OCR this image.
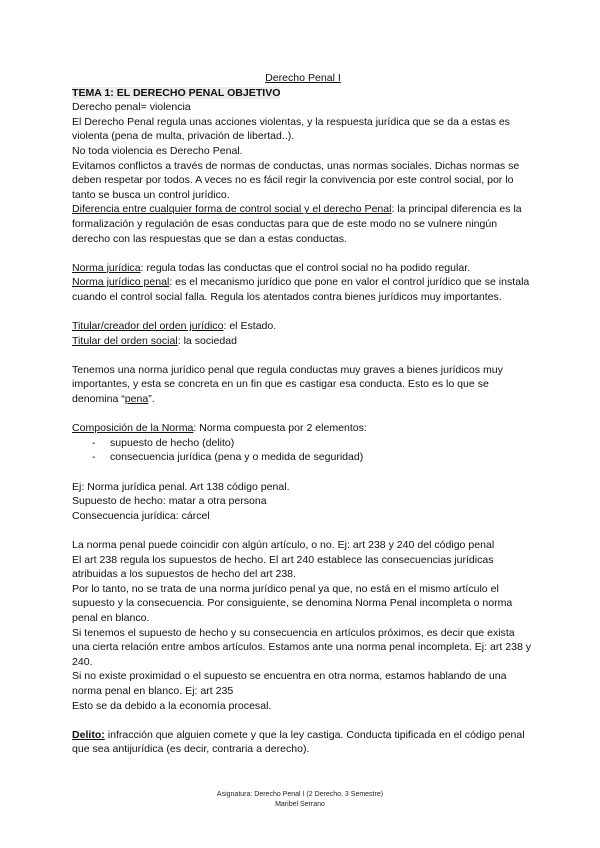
Derecho Penal I

TEMA 1: EL DERECHO PENAL OBJETIVO

Derecho penal= violencia

El Derecho Penal regula unas acciones violentas, y la respuesta jurídica que se da a estas es violenta (pena de multa, privación de libertad..).

No toda violencia es Derecho Penal.

Evitamos conflictos a través de normas de conductas, unas normas sociales. Dichas normas se deben respetar por todos. A veces no es fácil regir la convivencia por este control social, por lo tanto se busca un control jurídico.

Diferencia entre cualquier forma de control social y el derecho Penal: la principal diferencia es la formalización y regulación de esas conductas para que de este modo no se vulnere ningún derecho con las respuestas que se dan a estas conductas.

Norma jurídica: regula todas las conductas que el control social no ha podido regular.

Norma jurídico penal: es el mecanismo jurídico que pone en valor el control jurídico que se instala cuando el control social falla. Regula los atentados contra bienes jurídicos muy importantes.

Titular/creador del orden jurídico: el Estado.

Titular del orden social: la sociedad

Tenemos una norma jurídico penal que regula conductas muy graves a bienes jurídicos muy importantes, y esta se concreta en un fin que es castigar esa conducta. Esto es lo que se denomina “pena”.

Composición de la Norma: Norma compuesta por 2 elementos:

- supuesto de hecho (delito)
- consecuencia jurídica (pena y o medida de seguridad)

Ej: Norma jurídica penal. Art 138 código penal.

Supuesto de hecho: matar a otra persona

Consecuencia jurídica: cárcel

La norma penal puede coincidir con algún artículo, o no. Ej: art 238 y 240 del código penal

El art 238 regula los supuestos de hecho. El art 240 establece las consecuencias jurídicas atribuidas a los supuestos de hecho del art 238.

Por lo tanto, no se trata de una norma jurídico penal ya que, no está en el mismo artículo el supuesto y la consecuencia. Por consiguiente, se denomina Norma Penal incompleta o norma penal en blanco.

Si tenemos el supuesto de hecho y su consecuencia en artículos próximos, es decir que exista una cierta relación entre ambos artículos. Estamos ante una norma penal incompleta. Ej: art 238 y 240.

Si no existe proximidad o el supuesto se encuentra en otra norma, estamos hablando de una norma penal en blanco. Ej: art 235

Esto se da debido a la economía procesal.

Delito: infracción que alguien comete y que la ley castiga. Conducta tipificada en el código penal que sea antijurídica (es decir, contraria a derecho).

Asignatura: Derecho Penal I (2 Derecho, 3 Semestre)
Maribel Serrano
